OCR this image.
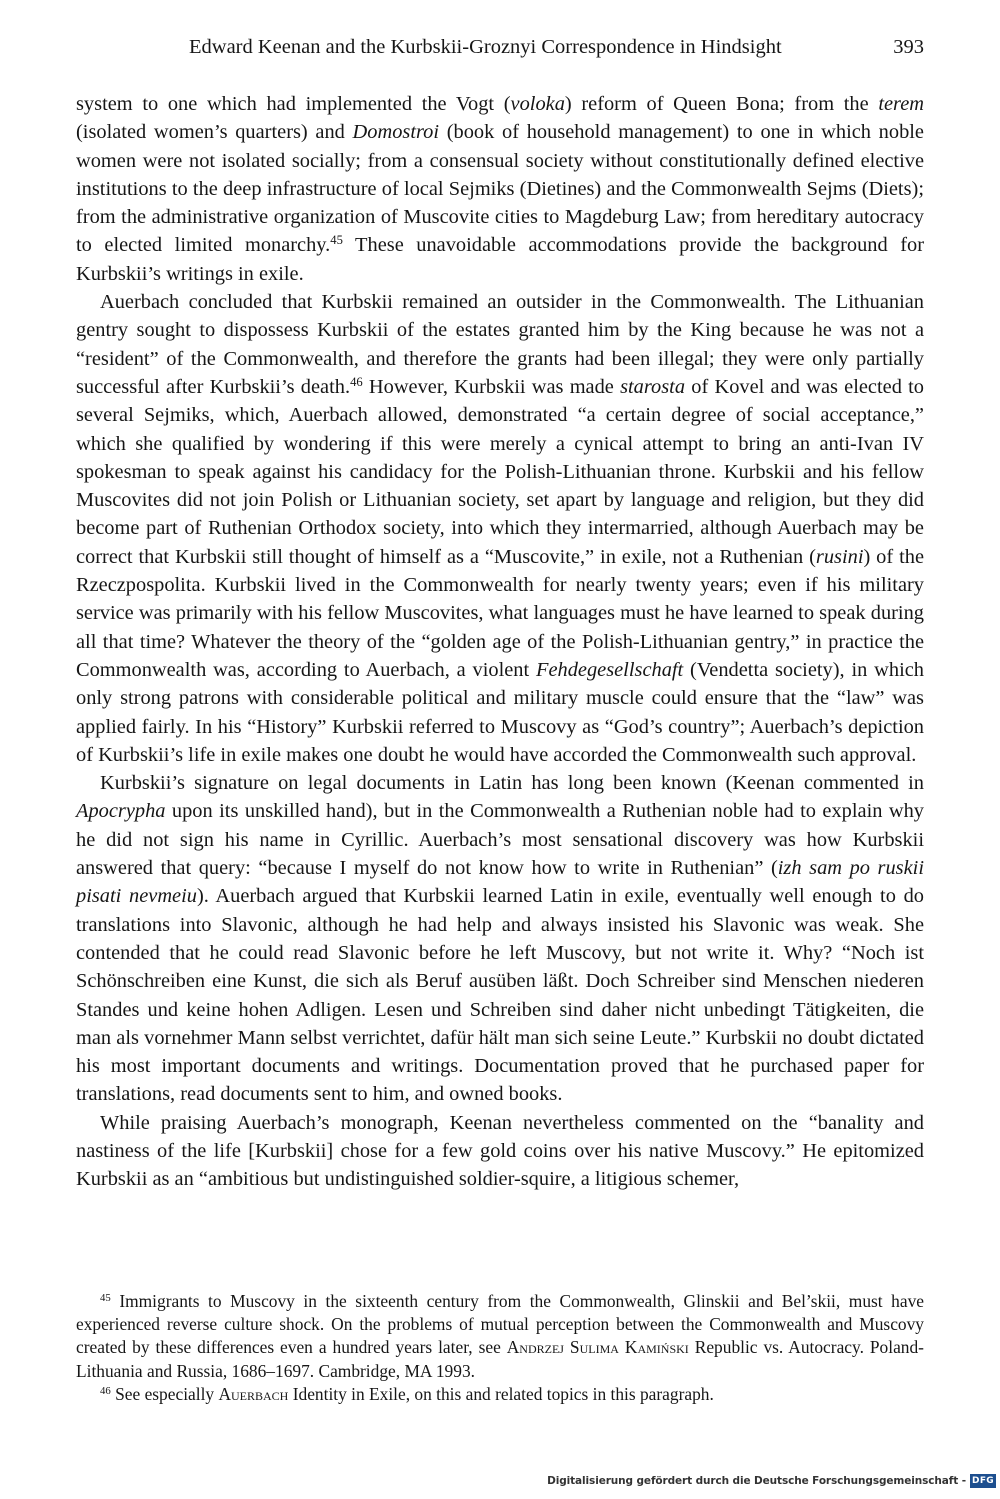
Edward Keenan and the Kurbskii-Groznyi Correspondence in Hindsight	393

system to one which had implemented the Vogt (voloka) reform of Queen Bona; from the terem (isolated women’s quarters) and Domostroi (book of household management) to one in which noble women were not isolated socially; from a consensual society without constitutionally defined elective institutions to the deep infrastructure of local Sejmiks (Dietines) and the Commonwealth Sejms (Diets); from the administrative organization of Muscovite cities to Magdeburg Law; from hereditary autocracy to elected limited monarchy.$^{45}$ These unavoidable accommodations provide the background for Kurbskii’s writings in exile.

Auerbach concluded that Kurbskii remained an outsider in the Commonwealth. The Lithuanian gentry sought to dispossess Kurbskii of the estates granted him by the King because he was not a “resident” of the Commonwealth, and therefore the grants had been illegal; they were only partially successful after Kurbskii’s death.$^{46}$ However, Kurbskii was made starosta of Kovel and was elected to several Sejmiks, which, Auerbach allowed, demonstrated “a certain degree of social acceptance,” which she qualified by wondering if this were merely a cynical attempt to bring an anti-Ivan IV spokesman to speak against his candidacy for the Polish-Lithuanian throne. Kurbskii and his fellow Muscovites did not join Polish or Lithuanian society, set apart by language and religion, but they did become part of Ruthenian Orthodox society, into which they intermarried, although Auerbach may be correct that Kurbskii still thought of himself as a “Muscovite,” in exile, not a Ruthenian (rusini) of the Rzeczpospolita. Kurbskii lived in the Commonwealth for nearly twenty years; even if his military service was primarily with his fellow Muscovites, what languages must he have learned to speak during all that time? Whatever the theory of the “golden age of the Polish-Lithuanian gentry,” in practice the Commonwealth was, according to Auerbach, a violent Fehdegesellschaft (Vendetta society), in which only strong patrons with considerable political and military muscle could ensure that the “law” was applied fairly. In his “History” Kurbskii referred to Muscovy as “God’s country”; Auerbach’s depiction of Kurbskii’s life in exile makes one doubt he would have accorded the Commonwealth such approval.

Kurbskii’s signature on legal documents in Latin has long been known (Keenan commented in Apocrypha upon its unskilled hand), but in the Commonwealth a Ruthenian noble had to explain why he did not sign his name in Cyrillic. Auerbach’s most sensational discovery was how Kurbskii answered that query: “because I myself do not know how to write in Ruthenian” (izh sam po ruskii pisati nevmeiu). Auerbach argued that Kurbskii learned Latin in exile, eventually well enough to do translations into Slavonic, although he had help and always insisted his Slavonic was weak. She contended that he could read Slavonic before he left Muscovy, but not write it. Why? “Noch ist Schönschreiben eine Kunst, die sich als Beruf ausüben läßt. Doch Schreiber sind Menschen niederen Standes und keine hohen Adligen. Lesen und Schreiben sind daher nicht unbedingt Tätigkeiten, die man als vornehmer Mann selbst verrichtet, dafür hält man sich seine Leute.” Kurbskii no doubt dictated his most important documents and writings. Documentation proved that he purchased paper for translations, read documents sent to him, and owned books.

While praising Auerbach’s monograph, Keenan nevertheless commented on the “banality and nastiness of the life [Kurbskii] chose for a few gold coins over his native Muscovy.” He epitomized Kurbskii as an “ambitious but undistinguished soldier-squire, a litigious schemer,

$^{45}$ Immigrants to Muscovy in the sixteenth century from the Commonwealth, Glinskii and Bel’skii, must have experienced reverse culture shock. On the problems of mutual perception between the Commonwealth and Muscovy created by these differences even a hundred years later, see Andrzej Sulima Kamiński Republic vs. Autocracy. Poland-Lithuania and Russia, 1686–1697. Cambridge, MA 1993.

$^{46}$ See especially Auerbach Identity in Exile, on this and related topics in this paragraph.

Digitalisierung gefördert durch die Deutsche Forschungsgemeinschaft - DFG
